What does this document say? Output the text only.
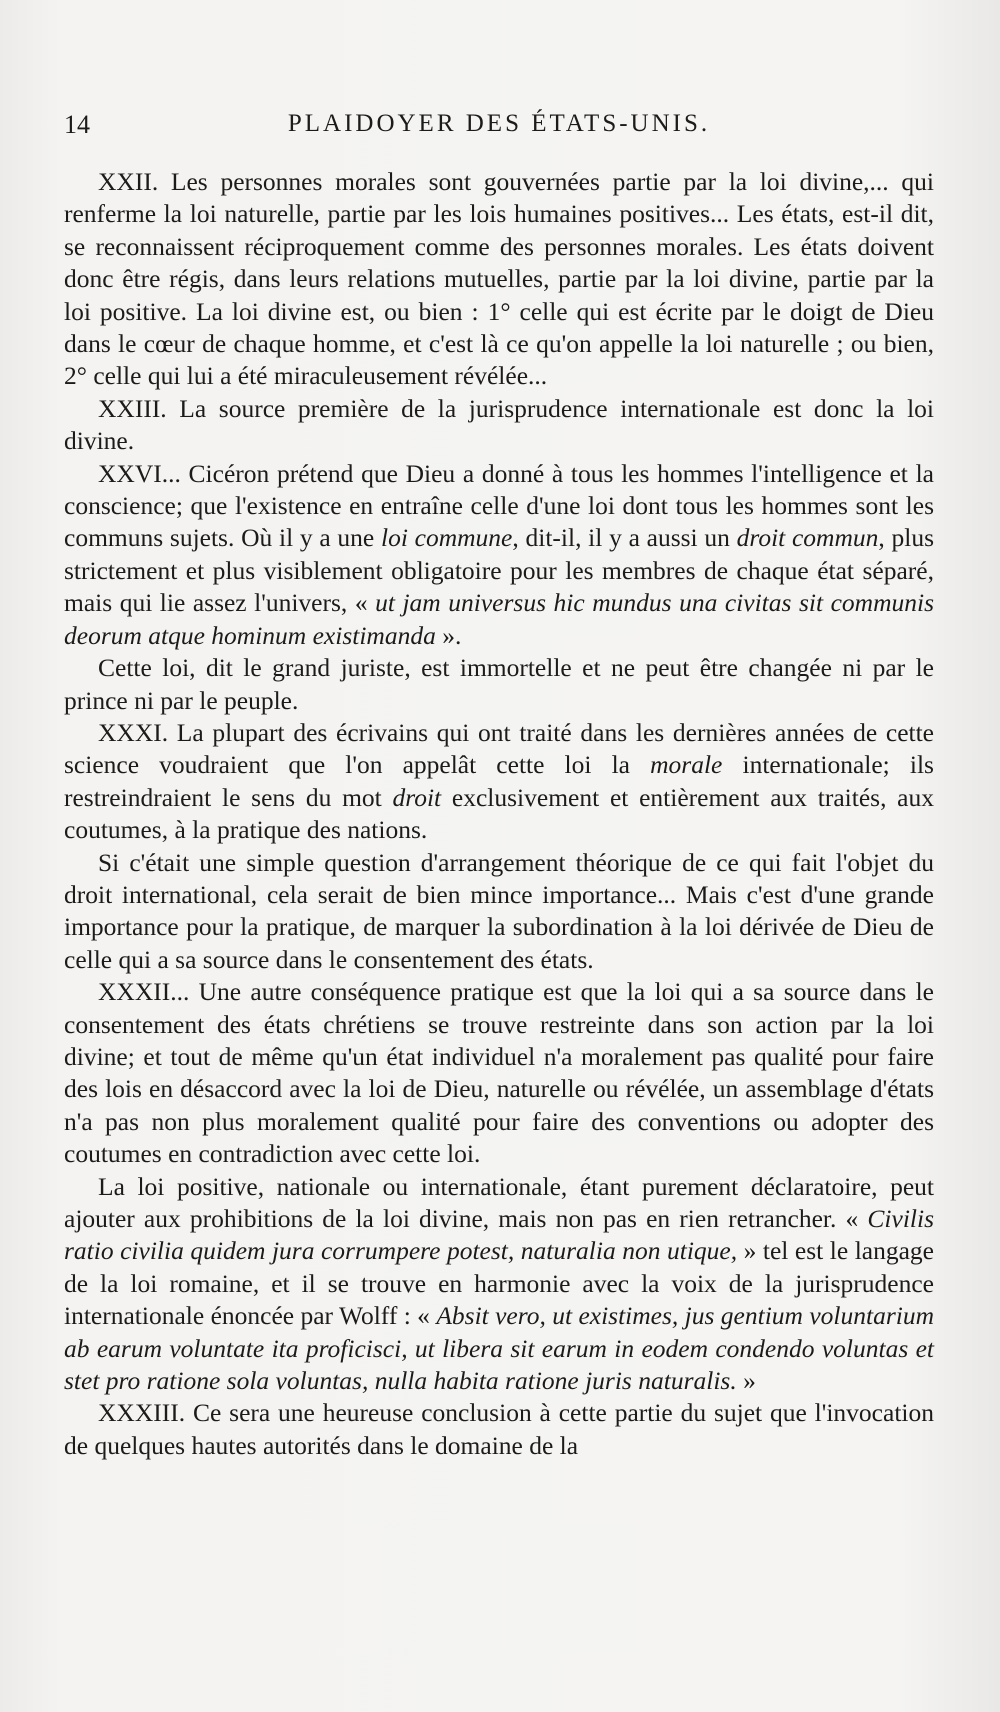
14	PLAIDOYER DES ÉTATS-UNIS.

XXII. Les personnes morales sont gouvernées partie par la loi divine,... qui renferme la loi naturelle, partie par les lois humaines positives... Les états, est-il dit, se reconnaissent réciproquement comme des personnes morales. Les états doivent donc être régis, dans leurs relations mutuelles, partie par la loi divine, partie par la loi positive. La loi divine est, ou bien : 1° celle qui est écrite par le doigt de Dieu dans le cœur de chaque homme, et c'est là ce qu'on appelle la loi naturelle ; ou bien, 2° celle qui lui a été miraculeusement révélée...

XXIII. La source première de la jurisprudence internationale est donc la loi divine.

XXVI... Cicéron prétend que Dieu a donné à tous les hommes l'intelligence et la conscience; que l'existence en entraîne celle d'une loi dont tous les hommes sont les communs sujets. Où il y a une loi commune, dit-il, il y a aussi un droit commun, plus strictement et plus visiblement obligatoire pour les membres de chaque état séparé, mais qui lie assez l'univers, « ut jam universus hic mundus una civitas sit communis deorum atque hominum existimanda ».

Cette loi, dit le grand juriste, est immortelle et ne peut être changée ni par le prince ni par le peuple.

XXXI. La plupart des écrivains qui ont traité dans les dernières années de cette science voudraient que l'on appelât cette loi la morale internationale; ils restreindraient le sens du mot droit exclusivement et entièrement aux traités, aux coutumes, à la pratique des nations.

Si c'était une simple question d'arrangement théorique de ce qui fait l'objet du droit international, cela serait de bien mince importance... Mais c'est d'une grande importance pour la pratique, de marquer la subordination à la loi dérivée de Dieu de celle qui a sa source dans le consentement des états.

XXXII... Une autre conséquence pratique est que la loi qui a sa source dans le consentement des états chrétiens se trouve restreinte dans son action par la loi divine; et tout de même qu'un état individuel n'a moralement pas qualité pour faire des lois en désaccord avec la loi de Dieu, naturelle ou révélée, un assemblage d'états n'a pas non plus moralement qualité pour faire des conventions ou adopter des coutumes en contradiction avec cette loi.

La loi positive, nationale ou internationale, étant purement déclaratoire, peut ajouter aux prohibitions de la loi divine, mais non pas en rien retrancher. « Civilis ratio civilia quidem jura corrumpere potest, naturalia non utique, » tel est le langage de la loi romaine, et il se trouve en harmonie avec la voix de la jurisprudence internationale énoncée par Wolff : « Absit vero, ut existimes, jus gentium voluntarium ab earum voluntate ita proficisci, ut libera sit earum in eodem condendo voluntas et stet pro ratione sola voluntas, nulla habita ratione juris naturalis. »

XXXIII. Ce sera une heureuse conclusion à cette partie du sujet que l'invocation de quelques hautes autorités dans le domaine de la
